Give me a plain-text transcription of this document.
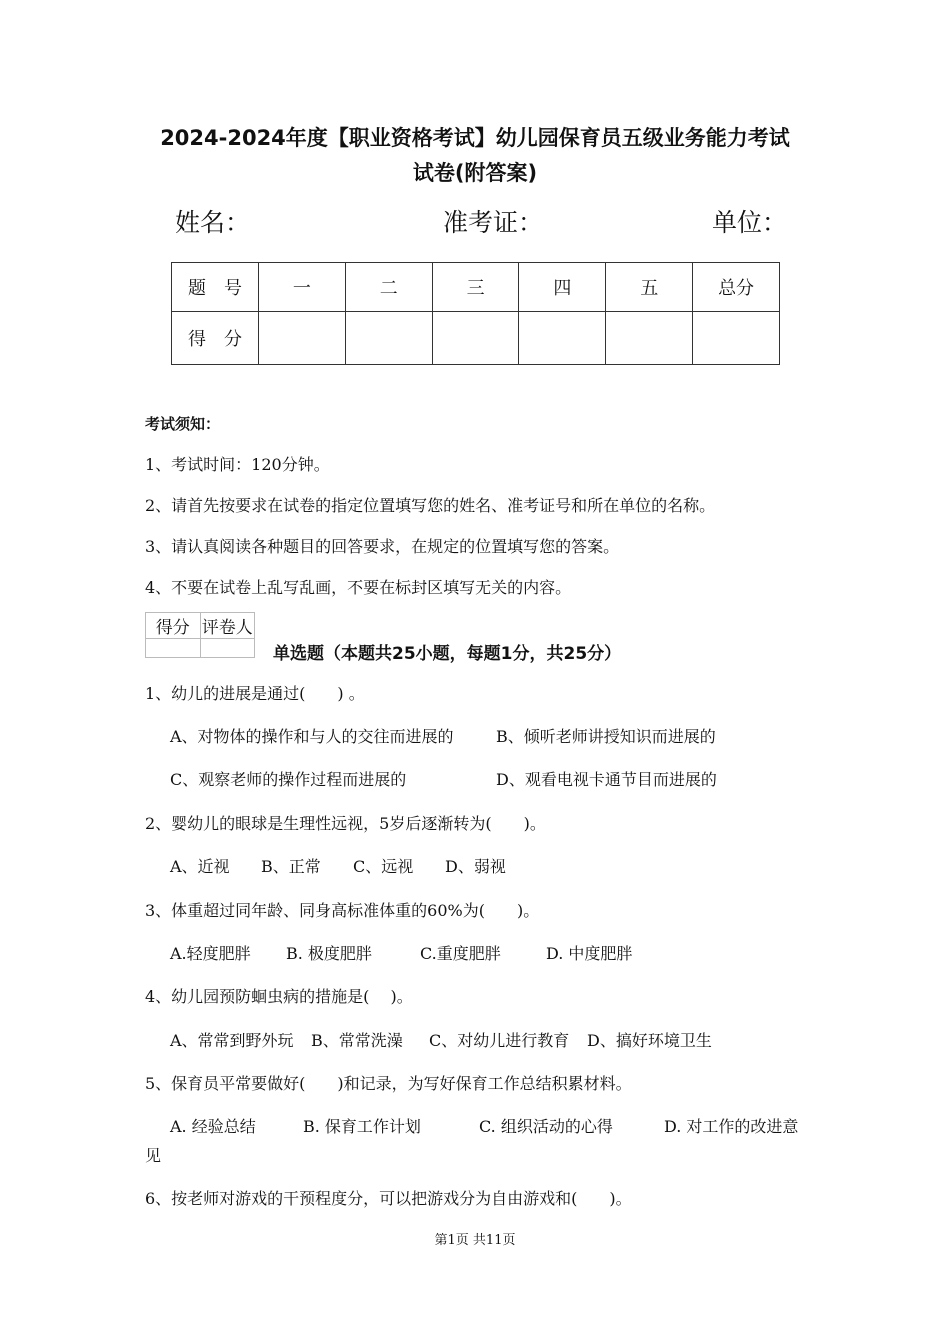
2024-2024年度【职业资格考试】幼儿园保育员五级业务能力考试
试卷(附答案)
姓名：	准考证：	单位：
题　号	一	二	三	四	五	总分
得　分						
考试须知：
1、考试时间：120分钟。
2、请首先按要求在试卷的指定位置填写您的姓名、准考证号和所在单位的名称。
3、请认真阅读各种题目的回答要求，在规定的位置填写您的答案。
4、不要在试卷上乱写乱画，不要在标封区填写无关的内容。
得分	评卷人

单选题（本题共25小题，每题1分，共25分）
1、幼儿的进展是通过(　　) 。
A、对物体的操作和与人的交往而进展的	B、倾听老师讲授知识而进展的
C、观察老师的操作过程而进展的	D、观看电视卡通节目而进展的
2、婴幼儿的眼球是生理性远视，5岁后逐渐转为(　　)。
A、近视 B、正常 C、远视 D、弱视
3、体重超过同年龄、同身高标准体重的60%为(　　)。
A.轻度肥胖 B. 极度肥胖	C.重度肥胖	D. 中度肥胖
4、幼儿园预防蛔虫病的措施是(　 )。
A、常常到野外玩 B、常常洗澡 C、对幼儿进行教育 D、搞好环境卫生
5、保育员平常要做好(　　)和记录，为写好保育工作总结积累材料。
A. 经验总结	B. 保育工作计划	C. 组织活动的心得	D. 对工作的改进意
见
6、按老师对游戏的干预程度分，可以把游戏分为自由游戏和(　　)。
第1页 共11页
